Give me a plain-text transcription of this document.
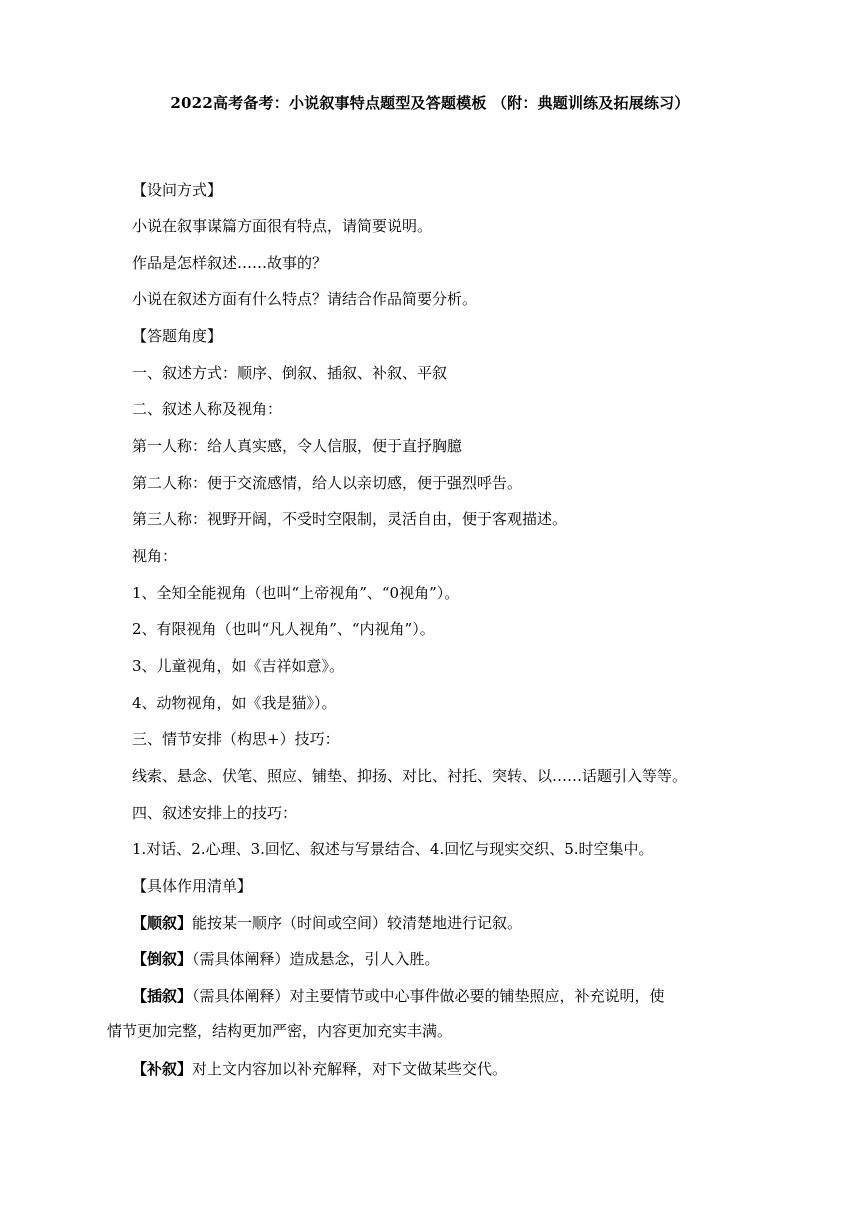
2022高考备考：小说叙事特点题型及答题模板 （附：典题训练及拓展练习）
【设问方式】
小说在叙事谋篇方面很有特点，请简要说明。
作品是怎样叙述……故事的？
小说在叙述方面有什么特点？请结合作品简要分析。
【答题角度】
一、叙述方式：顺序、倒叙、插叙、补叙、平叙
二、叙述人称及视角：
第一人称：给人真实感，令人信服，便于直抒胸臆
第二人称：便于交流感情，给人以亲切感，便于强烈呼告。
第三人称：视野开阔，不受时空限制，灵活自由，便于客观描述。
视角：
1、全知全能视角（也叫“上帝视角”、“0视角”）。
2、有限视角（也叫“凡人视角”、“内视角”）。
3、儿童视角，如《吉祥如意》。
4、动物视角，如《我是猫》）。
三、情节安排（构思+）技巧：
线索、悬念、伏笔、照应、铺垫、抑扬、对比、衬托、突转、以……话题引入等等。
四、叙述安排上的技巧：
1.对话、2.心理、3.回忆、叙述与写景结合、4.回忆与现实交织、5.时空集中。
【具体作用清单】
【顺叙】能按某一顺序（时间或空间）较清楚地进行记叙。
【倒叙】（需具体阐释）造成悬念，引人入胜。
【插叙】（需具体阐释）对主要情节或中心事件做必要的铺垫照应，补充说明，使
情节更加完整，结构更加严密，内容更加充实丰满。
【补叙】对上文内容加以补充解释，对下文做某些交代。
